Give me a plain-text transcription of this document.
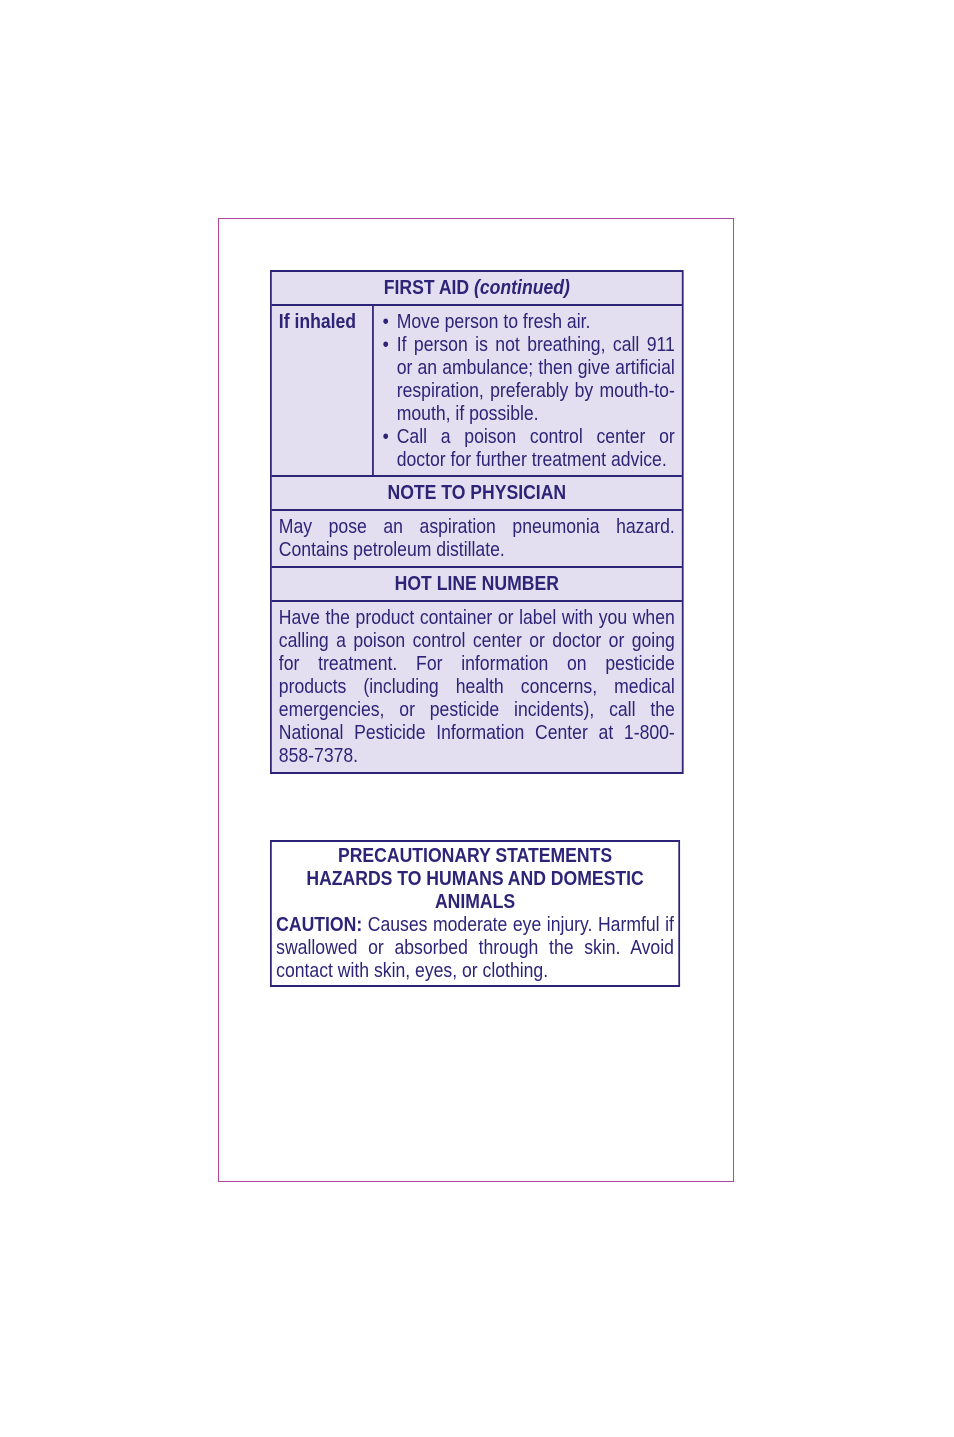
FIRST AID (continued)
If inhaled	• Move person to fresh air.
• If person is not breathing, call 911 or an ambulance; then give artificial respiration, preferably by mouth-to-mouth, if possible.
• Call a poison control center or doctor for further treatment advice.
NOTE TO PHYSICIAN
May pose an aspiration pneumonia hazard. Contains petroleum distillate.
HOT LINE NUMBER
Have the product container or label with you when calling a poison control center or doctor or going for treatment. For information on pesticide products (including health concerns, medical emergencies, or pesticide incidents), call the National Pesticide Information Center at 1-800-858-7378.
PRECAUTIONARY STATEMENTS
HAZARDS TO HUMANS AND DOMESTIC ANIMALS
CAUTION: Causes moderate eye injury. Harmful if swallowed or absorbed through the skin. Avoid contact with skin, eyes, or clothing.
